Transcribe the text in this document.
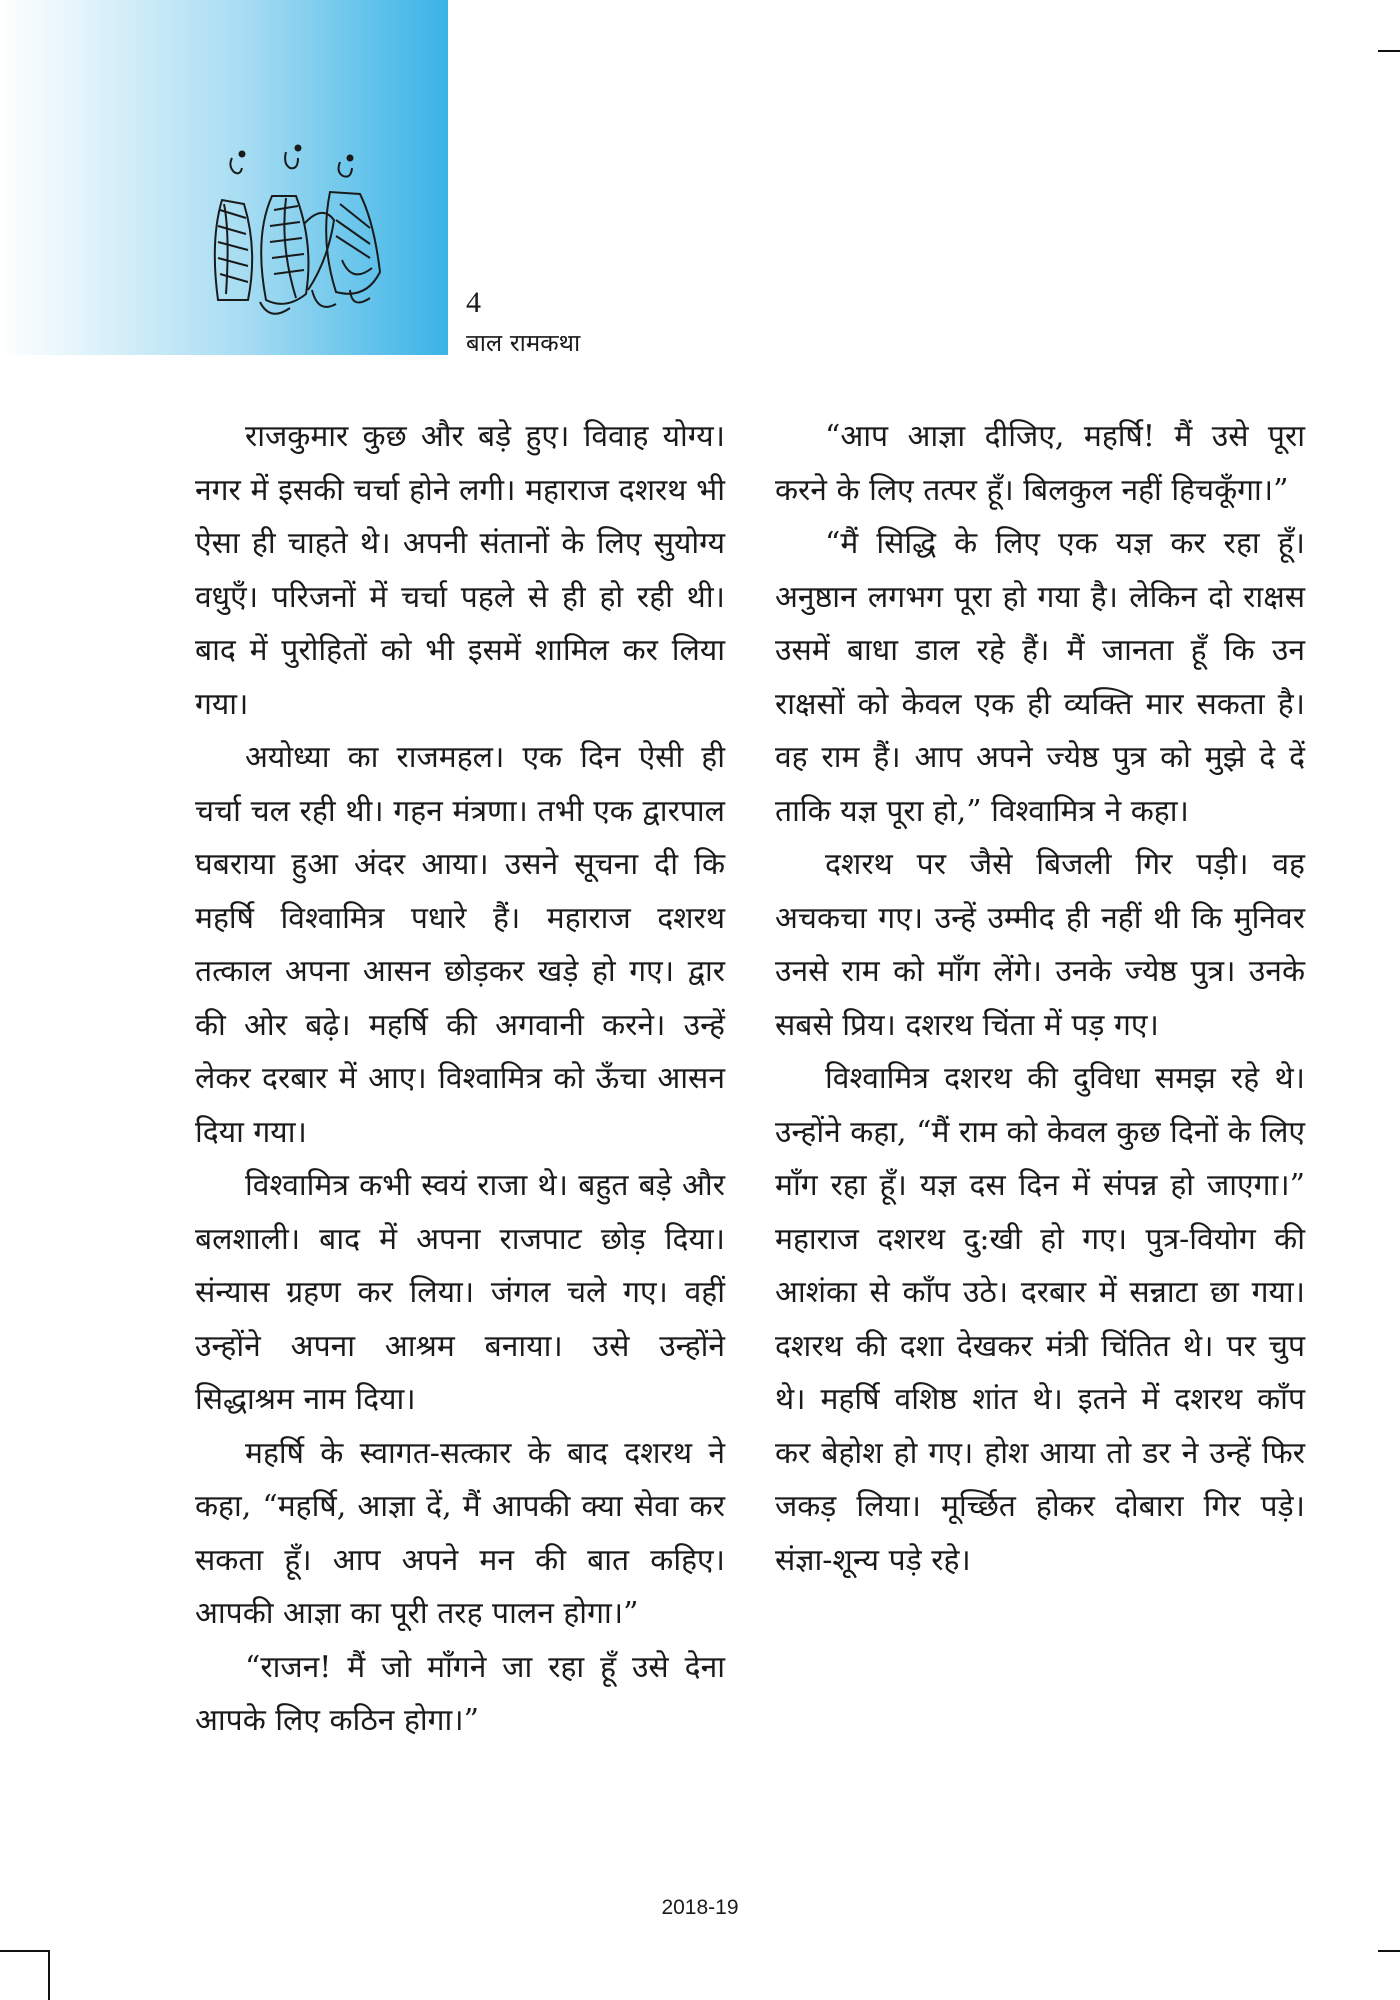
4

बाल रामकथा

राजकुमार कुछ और बड़े हुए। विवाह योग्य। नगर में इसकी चर्चा होने लगी। महाराज दशरथ भी ऐसा ही चाहते थे। अपनी संतानों के लिए सुयोग्य वधुएँ। परिजनों में चर्चा पहले से ही हो रही थी। बाद में पुरोहितों को भी इसमें शामिल कर लिया गया।

अयोध्या का राजमहल। एक दिन ऐसी ही चर्चा चल रही थी। गहन मंत्रणा। तभी एक द्वारपाल घबराया हुआ अंदर आया। उसने सूचना दी कि महर्षि विश्वामित्र पधारे हैं। महाराज दशरथ तत्काल अपना आसन छोड़कर खड़े हो गए। द्वार की ओर बढ़े। महर्षि की अगवानी करने। उन्हें लेकर दरबार में आए। विश्वामित्र को ऊँचा आसन दिया गया।

विश्वामित्र कभी स्वयं राजा थे। बहुत बड़े और बलशाली। बाद में अपना राजपाट छोड़ दिया। संन्यास ग्रहण कर लिया। जंगल चले गए। वहीं उन्होंने अपना आश्रम बनाया। उसे उन्होंने सिद्धाश्रम नाम दिया।

महर्षि के स्वागत-सत्कार के बाद दशरथ ने कहा, “महर्षि, आज्ञा दें, मैं आपकी क्या सेवा कर सकता हूँ। आप अपने मन की बात कहिए। आपकी आज्ञा का पूरी तरह पालन होगा।”

“राजन! मैं जो माँगने जा रहा हूँ उसे देना आपके लिए कठिन होगा।”

“आप आज्ञा दीजिए, महर्षि! मैं उसे पूरा करने के लिए तत्पर हूँ। बिलकुल नहीं हिचकूँगा।”

“मैं सिद्धि के लिए एक यज्ञ कर रहा हूँ। अनुष्ठान लगभग पूरा हो गया है। लेकिन दो राक्षस उसमें बाधा डाल रहे हैं। मैं जानता हूँ कि उन राक्षसों को केवल एक ही व्यक्ति मार सकता है। वह राम हैं। आप अपने ज्येष्ठ पुत्र को मुझे दे दें ताकि यज्ञ पूरा हो,” विश्वामित्र ने कहा।

दशरथ पर जैसे बिजली गिर पड़ी। वह अचकचा गए। उन्हें उम्मीद ही नहीं थी कि मुनिवर उनसे राम को माँग लेंगे। उनके ज्येष्ठ पुत्र। उनके सबसे प्रिय। दशरथ चिंता में पड़ गए।

विश्वामित्र दशरथ की दुविधा समझ रहे थे। उन्होंने कहा, “मैं राम को केवल कुछ दिनों के लिए माँग रहा हूँ। यज्ञ दस दिन में संपन्न हो जाएगा।” महाराज दशरथ दु:खी हो गए। पुत्र-वियोग की आशंका से काँप उठे। दरबार में सन्नाटा छा गया। दशरथ की दशा देखकर मंत्री चिंतित थे। पर चुप थे। महर्षि वशिष्ठ शांत थे। इतने में दशरथ काँप कर बेहोश हो गए। होश आया तो डर ने उन्हें फिर जकड़ लिया। मूर्च्छित होकर दोबारा गिर पड़े। संज्ञा-शून्य पड़े रहे।

2018-19
